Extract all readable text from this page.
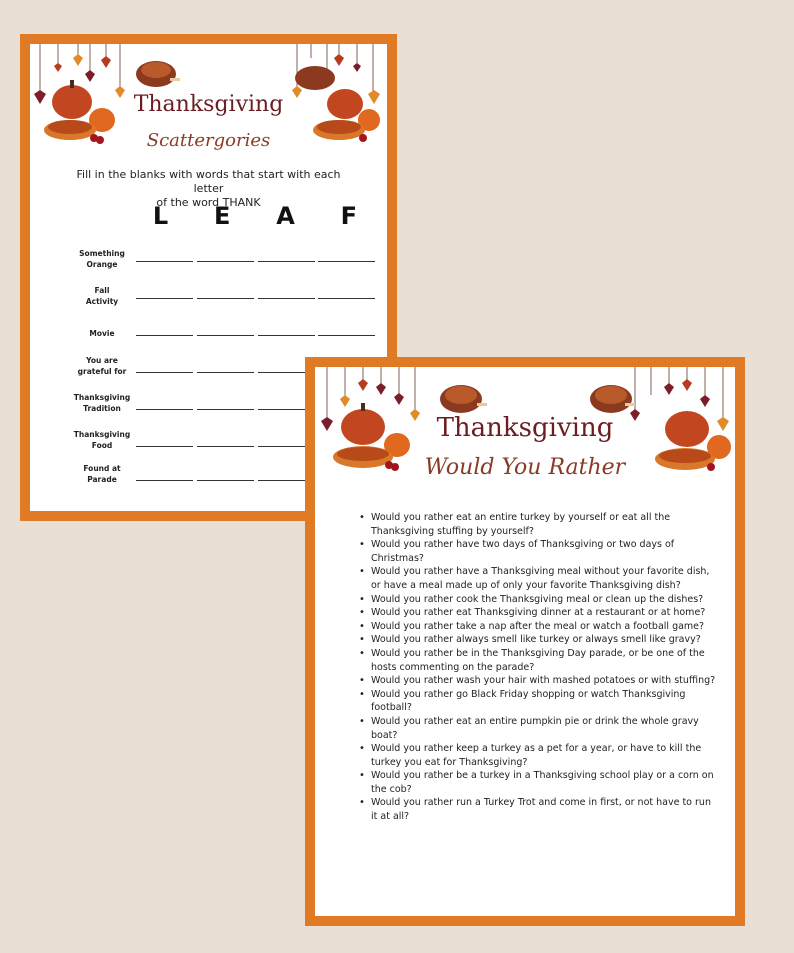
Thanksgiving
Scattergories
Fill in the blanks with words that start with each letter
of the word THANK
L E A F
Something
Orange
Fall
Activity
Movie
You are
grateful for
Thanksgiving
Tradition
Thanksgiving
Food
Found at
Parade
Thanksgiving
Would You Rather
• Would you rather eat an entire turkey by yourself or eat all the Thanksgiving stuffing by yourself?
• Would you rather have two days of Thanksgiving or two days of Christmas?
• Would you rather have a Thanksgiving meal without your favorite dish, or have a meal made up of only your favorite Thanksgiving dish?
• Would you rather cook the Thanksgiving meal or clean up the dishes?
• Would you rather eat Thanksgiving dinner at a restaurant or at home?
• Would you rather take a nap after the meal or watch a football game?
• Would you rather always smell like turkey or always smell like gravy?
• Would you rather be in the Thanksgiving Day parade, or be one of the hosts commenting on the parade?
• Would you rather wash your hair with mashed potatoes or with stuffing?
• Would you rather go Black Friday shopping or watch Thanksgiving football?
• Would you rather eat an entire pumpkin pie or drink the whole gravy boat?
• Would you rather keep a turkey as a pet for a year, or have to kill the turkey you eat for Thanksgiving?
• Would you rather be a turkey in a Thanksgiving school play or a corn on the cob?
• Would you rather run a Turkey Trot and come in first, or not have to run it at all?
